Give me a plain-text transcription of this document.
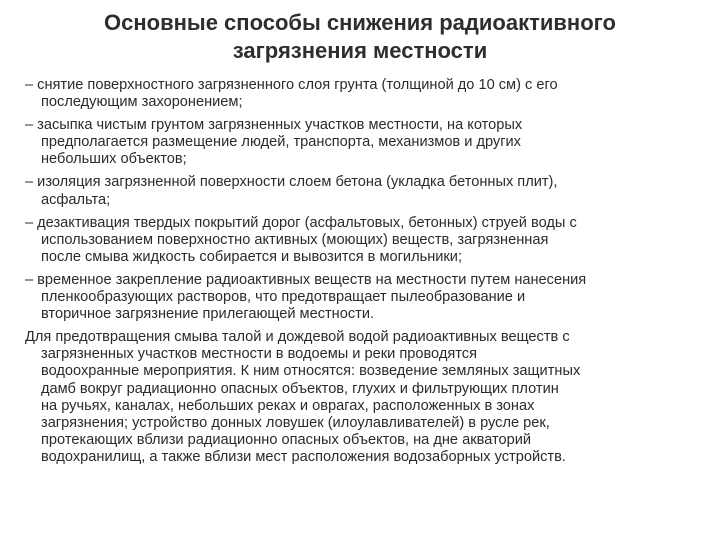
Основные способы снижения радиоактивного
загрязнения местности
– снятие поверхностного загрязненного слоя грунта (толщиной до 10 см) с его
последующим захоронением;
– засыпка чистым грунтом загрязненных участков местности, на которых
предполагается размещение людей, транспорта, механизмов и других
небольших объектов;
– изоляция загрязненной поверхности слоем бетона (укладка бетонных плит),
асфальта;
– дезактивация твердых покрытий дорог (асфальтовых, бетонных) струей воды с
использованием поверхностно активных (моющих) веществ, загрязненная
после смыва жидкость собирается и вывозится в могильники;
– временное закрепление радиоактивных веществ на местности путем нанесения
пленкообразующих растворов, что предотвращает пылеобразование и
вторичное загрязнение прилегающей местности.
Для предотвращения смыва талой и дождевой водой радиоактивных веществ с
загрязненных участков местности в водоемы и реки проводятся
водоохранные мероприятия. К ним относятся: возведение земляных защитных
дамб вокруг радиационно опасных объектов, глухих и фильтрующих плотин
на ручьях, каналах, небольших реках и оврагах, расположенных в зонах
загрязнения; устройство донных ловушек (илоулавливателей) в русле рек,
протекающих вблизи радиационно опасных объектов, на дне акваторий
водохранилищ, а также вблизи мест расположения водозаборных устройств.
